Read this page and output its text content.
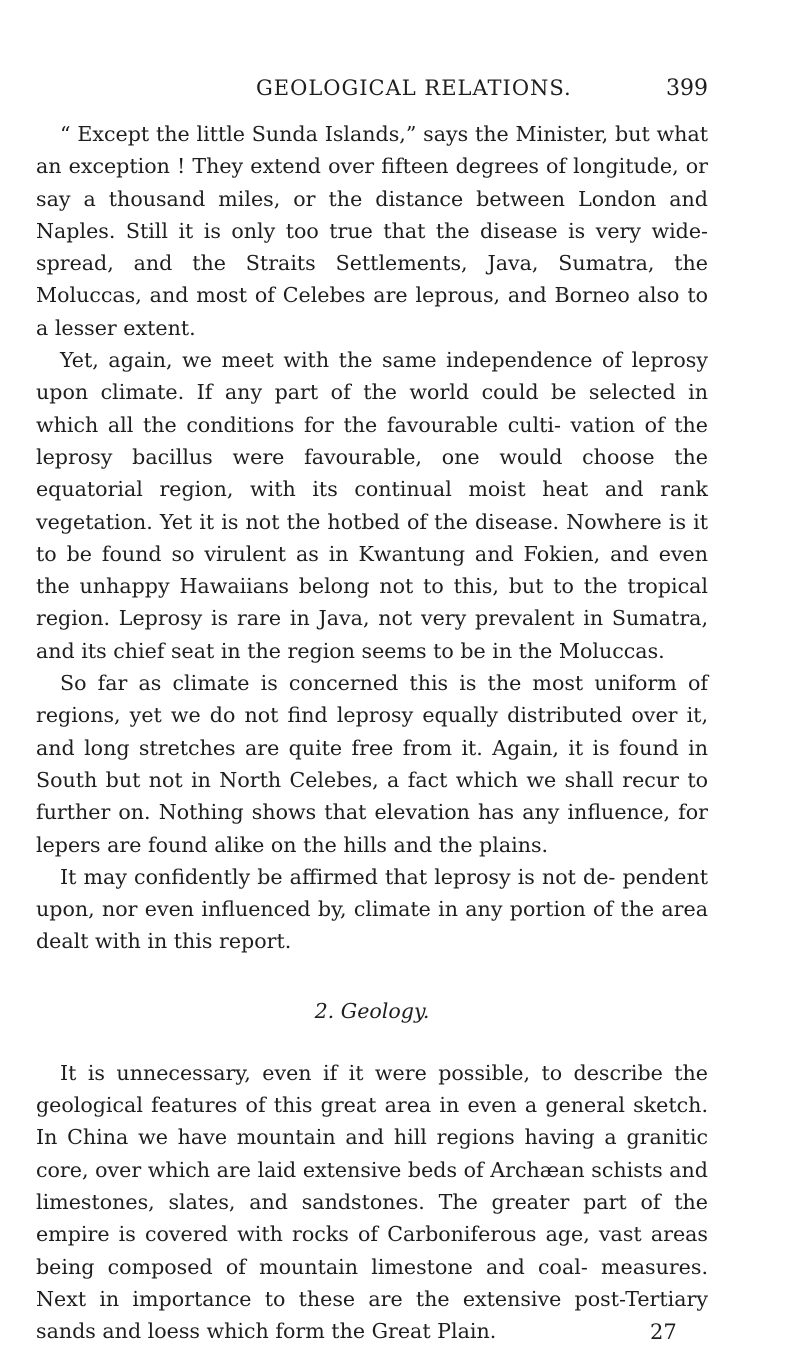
GEOLOGICAL RELATIONS.	399

“ Except the little Sunda Islands,” says the Minister, but what an exception ! They extend over fifteen degrees of longitude, or say a thousand miles, or the distance between London and Naples. Still it is only too true that the disease is very wide-spread, and the Straits Settlements, Java, Sumatra, the Moluccas, and most of Celebes are leprous, and Borneo also to a lesser extent.

Yet, again, we meet with the same independence of leprosy upon climate. If any part of the world could be selected in which all the conditions for the favourable culti- vation of the leprosy bacillus were favourable, one would choose the equatorial region, with its continual moist heat and rank vegetation. Yet it is not the hotbed of the disease. Nowhere is it to be found so virulent as in Kwantung and Fokien, and even the unhappy Hawaiians belong not to this, but to the tropical region. Leprosy is rare in Java, not very prevalent in Sumatra, and its chief seat in the region seems to be in the Moluccas.

So far as climate is concerned this is the most uniform of regions, yet we do not find leprosy equally distributed over it, and long stretches are quite free from it. Again, it is found in South but not in North Celebes, a fact which we shall recur to further on. Nothing shows that elevation has any influence, for lepers are found alike on the hills and the plains.

It may confidently be affirmed that leprosy is not de- pendent upon, nor even influenced by, climate in any portion of the area dealt with in this report.

2. Geology.

It is unnecessary, even if it were possible, to describe the geological features of this great area in even a general sketch. In China we have mountain and hill regions having a granitic core, over which are laid extensive beds of Archæan schists and limestones, slates, and sandstones. The greater part of the empire is covered with rocks of Carboniferous age, vast areas being composed of mountain limestone and coal- measures. Next in importance to these are the extensive post-Tertiary sands and loess which form the Great Plain.	27
